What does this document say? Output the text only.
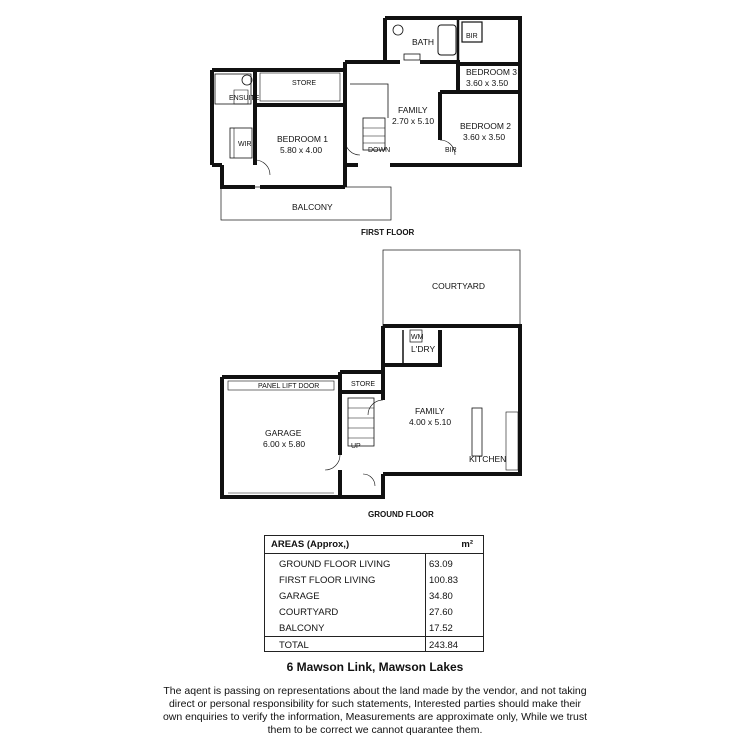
BATH
BIR
ENSUITE
STORE
FAMILY
2.70 x 5.10
BEDROOM 3
3.60 x 3.50
BEDROOM 1
5.80 x 4.00
WIR
BEDROOM 2
3.60 x 3.50
BIR
DOWN
BALCONY
FIRST FLOOR
COURTYARD
WM
L'DRY
PANEL LIFT DOOR	STORE
GARAGE
6.00 x 5.80
FAMILY
4.00 x 5.10
UP
KITCHEN
GROUND FLOOR
AREAS (Approx,)	m²
GROUND FLOOR LIVING	63.09
FIRST FLOOR LIVING	100.83
GARAGE	34.80
COURTYARD	27.60
BALCONY	17.52
TOTAL	243.84
6 Mawson Link, Mawson Lakes
The aqent is passing on representations about the land made by the vendor, and not taking direct or personal responsibility for such statements, Interested parties should make their own enquiries to verify the information, Measurements are approximate only, While we trust them to be correct we cannot quarantee them.
